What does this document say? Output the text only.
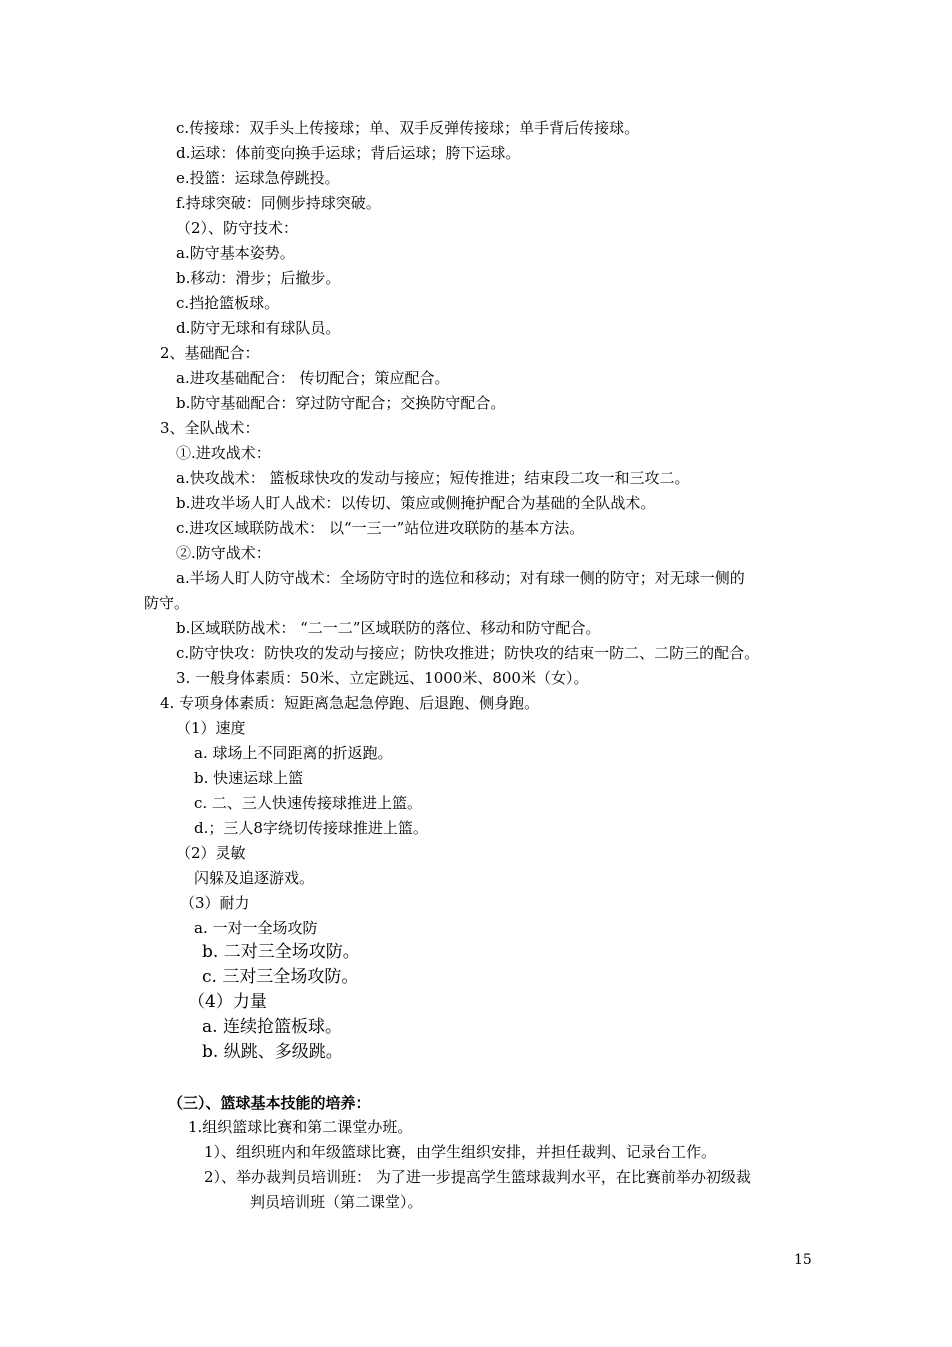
c.传接球：双手头上传接球；单、双手反弹传接球；单手背后传接球。
d.运球：体前变向换手运球；背后运球；胯下运球。
e.投篮：运球急停跳投。
f.持球突破：同侧步持球突破。
（2）、防守技术：
a.防守基本姿势。
b.移动：滑步；后撤步。
c.挡抢篮板球。
d.防守无球和有球队员。
2、基础配合：
a.进攻基础配合： 传切配合；策应配合。
b.防守基础配合：穿过防守配合；交换防守配合。
3、全队战术：
①.进攻战术：
a.快攻战术： 篮板球快攻的发动与接应；短传推进；结束段二攻一和三攻二。
b.进攻半场人盯人战术：以传切、策应或侧掩护配合为基础的全队战术。
c.进攻区域联防战术： 以“一三一”站位进攻联防的基本方法。
②.防守战术：
a.半场人盯人防守战术：全场防守时的选位和移动；对有球一侧的防守；对无球一侧的
防守。
b.区域联防战术： “二一二”区域联防的落位、移动和防守配合。
c.防守快攻：防快攻的发动与接应；防快攻推进；防快攻的结束一防二、二防三的配合。
3. 一般身体素质：50米、立定跳远、1000米、800米（女）。
4. 专项身体素质：短距离急起急停跑、后退跑、侧身跑。
（1）速度
a. 球场上不同距离的折返跑。
b. 快速运球上篮
c. 二、三人快速传接球推进上篮。
d.；三人8字绕切传接球推进上篮。
（2）灵敏
闪躲及追逐游戏。
（3）耐力
a. 一对一全场攻防
b. 二对三全场攻防。
c. 三对三全场攻防。
（4）力量
a. 连续抢篮板球。
b. 纵跳、多级跳。
（三）、篮球基本技能的培养：
1.组织篮球比赛和第二课堂办班。
1）、组织班内和年级篮球比赛，由学生组织安排，并担任裁判、记录台工作。
2）、举办裁判员培训班： 为了进一步提高学生篮球裁判水平，在比赛前举办初级裁
判员培训班（第二课堂）。
15
